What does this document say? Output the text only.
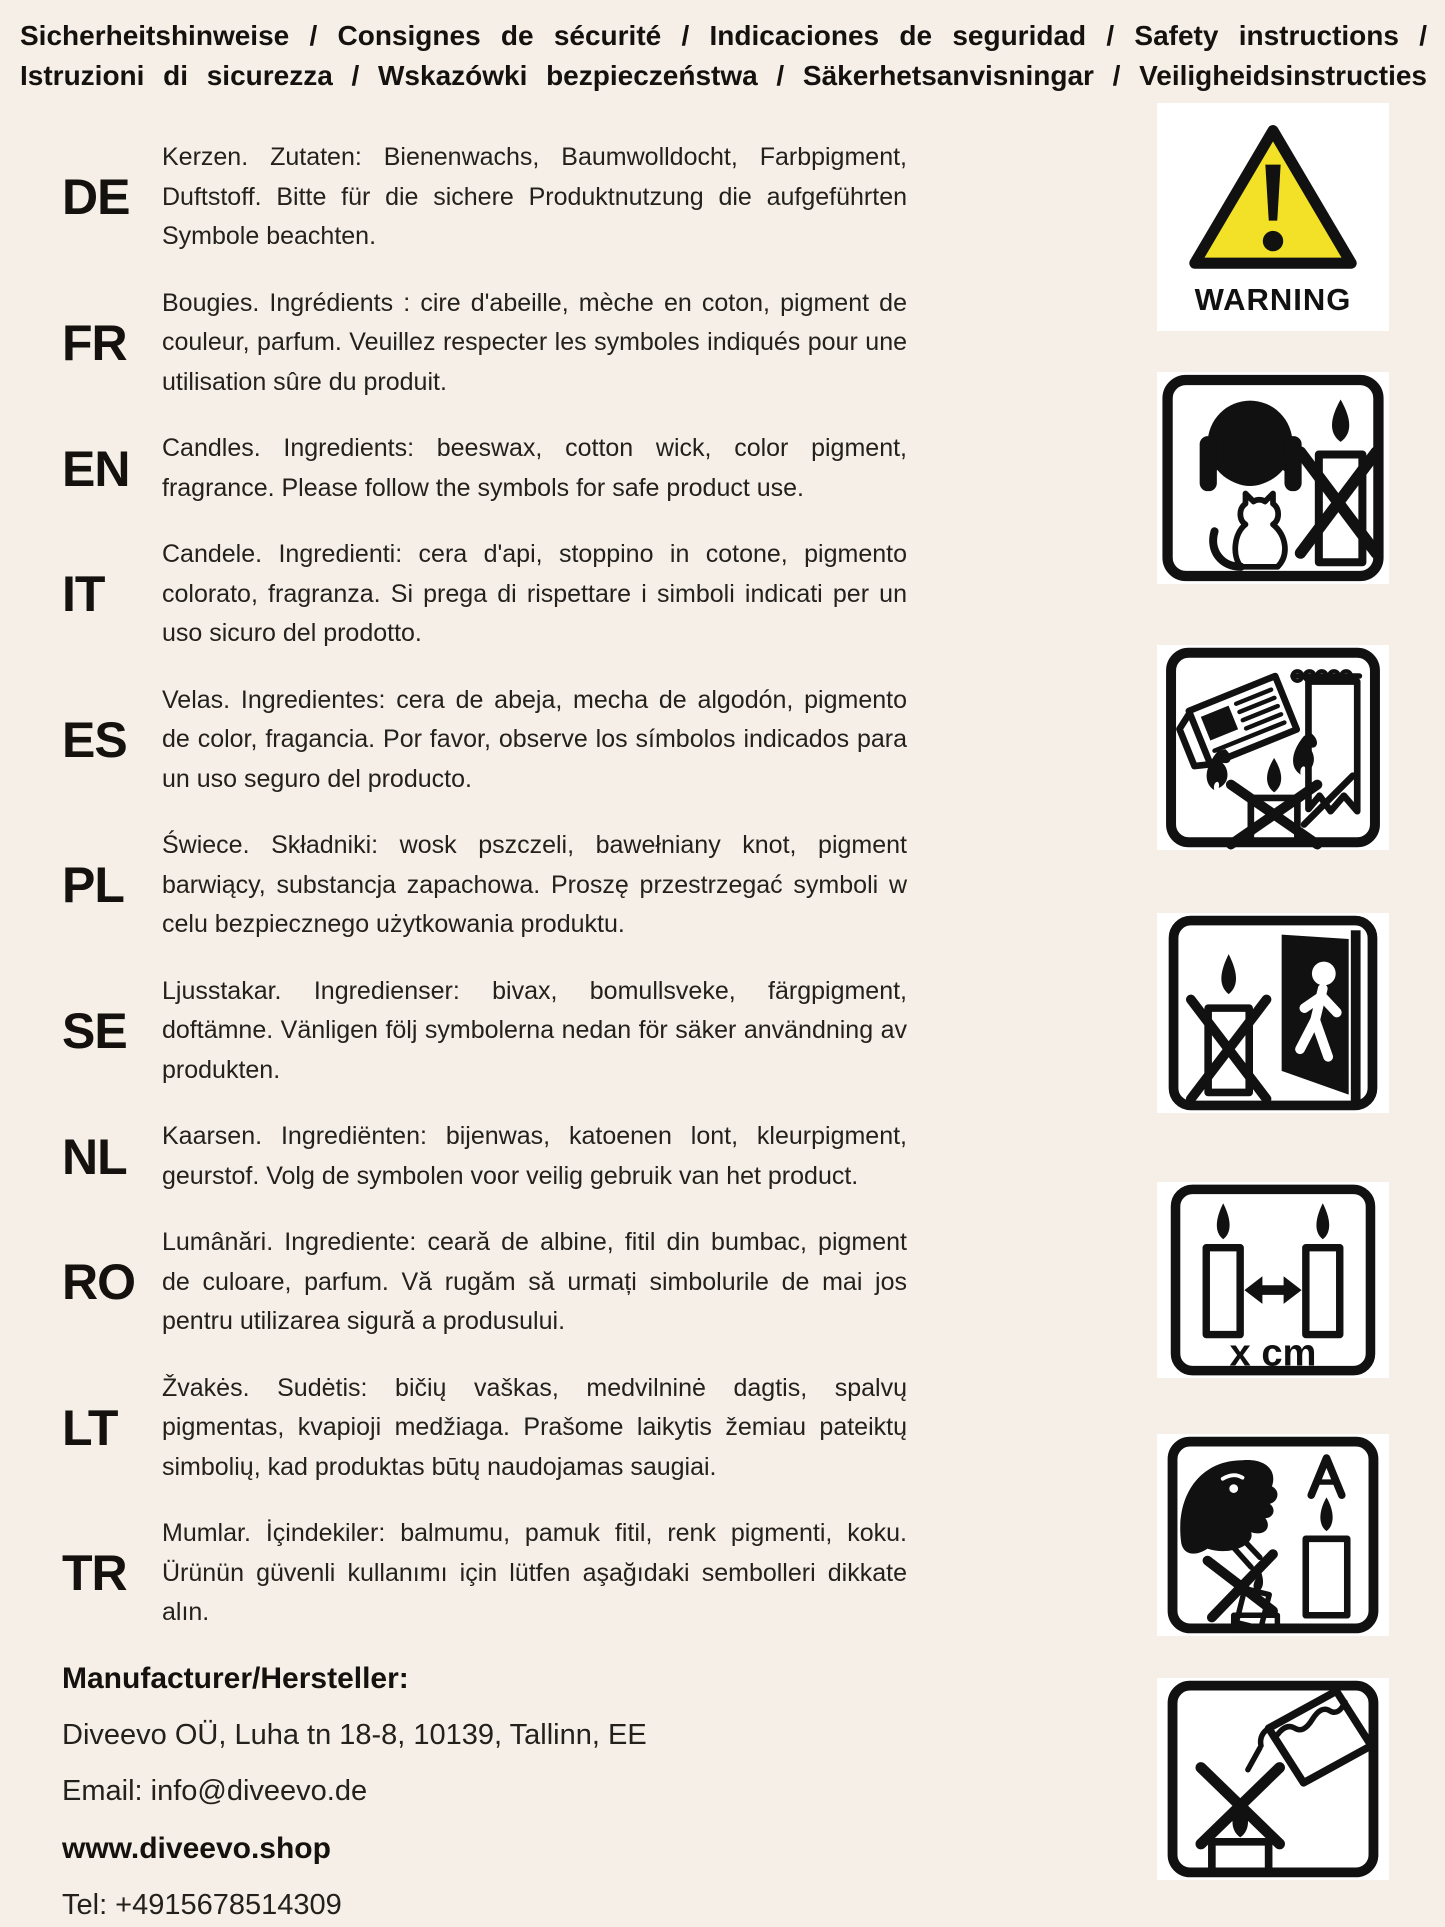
Sicherheitshinweise / Consignes de sécurité / Indicaciones de seguridad / Safety instructions /
Istruzioni di sicurezza / Wskazówki bezpieczeństwa / Säkerhetsanvisningar / Veiligheidsinstructies
DE

Kerzen. Zutaten: Bienenwachs, Baumwolldocht, Farbpigment, Duftstoff. Bitte für die sichere Produktnutzung die aufgeführten Symbole beachten.

FR

Bougies. Ingrédients : cire d'abeille, mèche en coton, pigment de couleur, parfum. Veuillez respecter les symboles indiqués pour une utilisation sûre du produit.

EN	Candles. Ingredients: beeswax, cotton wick, color pigment, fragrance. Please follow the symbols for safe product use.

IT

Candele. Ingredienti: cera d'api, stoppino in cotone, pigmento colorato, fragranza. Si prega di rispettare i simboli indicati per un uso sicuro del prodotto.

ES

Velas. Ingredientes: cera de abeja, mecha de algodón, pigmento de color, fragancia. Por favor, observe los símbolos indicados para un uso seguro del producto.

PL

Świece. Składniki: wosk pszczeli, bawełniany knot, pigment barwiący, substancja zapachowa. Proszę przestrzegać symboli w celu bezpiecznego użytkowania produktu.

SE

Ljusstakar. Ingredienser: bivax, bomullsveke, färgpigment, doftämne. Vänligen följ symbolerna nedan för säker användning av produkten.

NL	Kaarsen. Ingrediënten: bijenwas, katoenen lont, kleurpigment, geurstof. Volg de symbolen voor veilig gebruik van het product.

RO

Lumânări. Ingrediente: ceară de albine, fitil din bumbac, pigment de culoare, parfum. Vă rugăm să urmați simbolurile de mai jos pentru utilizarea sigură a produsului.

LT

Žvakės. Sudėtis: bičių vaškas, medvilninė dagtis, spalvų pigmentas, kvapioji medžiaga. Prašome laikytis žemiau pateiktų simbolių, kad produktas būtų naudojamas saugiai.

TR

Mumlar. İçindekiler: balmumu, pamuk fitil, renk pigmenti, koku. Ürünün güvenli kullanımı için lütfen aşağıdaki sembolleri dikkate alın.

Manufacturer/Hersteller:

Diveevo OÜ, Luha tn 18-8, 10139, Tallinn, EE

Email: info@diveevo.de

www.diveevo.shop

Tel: +4915678514309

WARNING
x cm
